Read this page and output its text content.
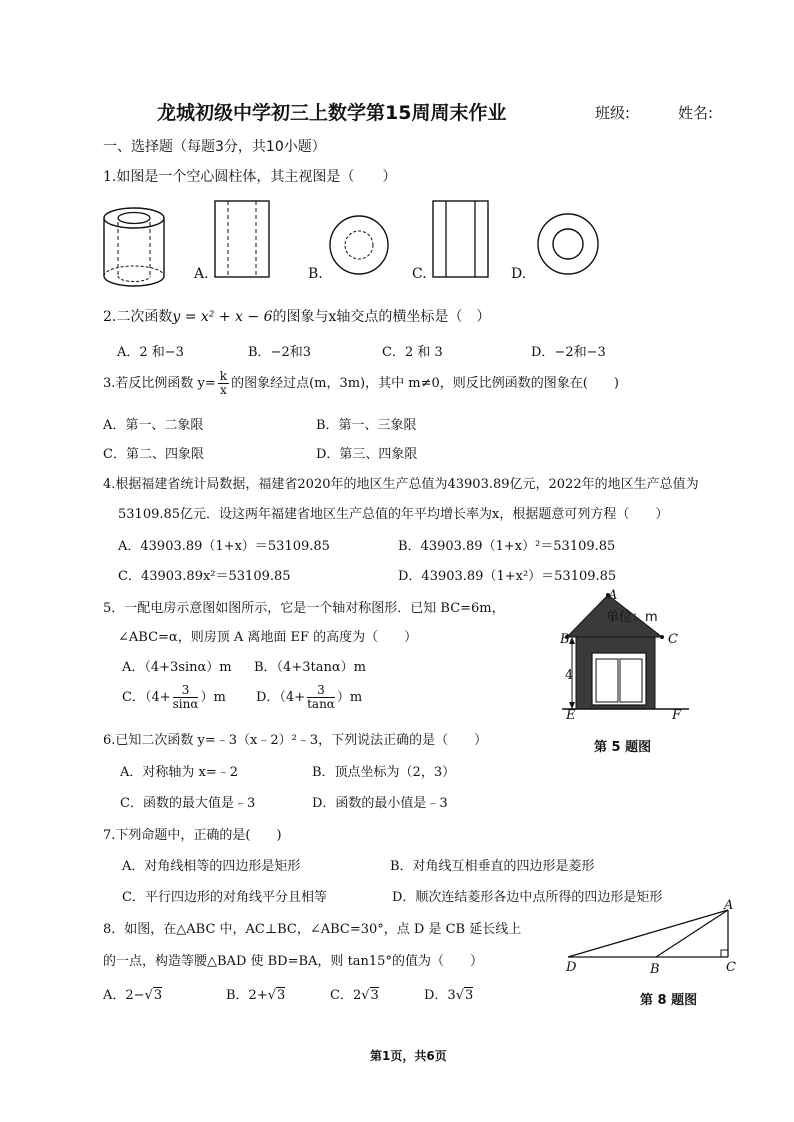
龙城初级中学初三上数学第15周周末作业	班级:	姓名:
一、选择题（每题3分，共10小题）
1.如图是一个空心圆柱体，其主视图是（　　）
A.	B.	C.	D.
2.二次函数y = x² + x − 6的图象与x轴交点的横坐标是（　）
A．2 和−3	B．−2和3	C．2 和 3	D．−2和−3
3.若反比例函数 $y= \frac{k}{x}$ 的图象经过点(m，3m)，其中 m≠0，则反比例函数的图象在(　　)
A．第一、二象限	B．第一、三象限
C．第二、四象限	D．第三、四象限
4.根据福建省统计局数据，福建省2020年的地区生产总值为43903.89亿元，2022年的地区生产总值为
53109.85亿元．设这两年福建省地区生产总值的年平均增长率为x，根据题意可列方程（　　）
A．43903.89（1+x）＝53109.85	B．43903.89（1+x）²＝53109.85
C．43903.89x²＝53109.85	D．43903.89（1+x²）＝53109.85
5．一配电房示意图如图所示，它是一个轴对称图形．已知 BC=6m，
∠ABC=α，则房顶 A 离地面 EF 的高度为（　　）
A．（4+3sinα）m B．（4+3tanα）m
C．$(4+ \frac{3}{\sin\alpha} )m$ D．$(4+ \frac{3}{\tan\alpha} )m$
单位：m
A
B	C
4
E	F
第 5 题图
6.已知二次函数 y=﹣3（x﹣2）²﹣3，下列说法正确的是（　　）
A．对称轴为 x=﹣2	B．顶点坐标为（2，3）
C．函数的最大值是﹣3	D．函数的最小值是﹣3
7.下列命题中，正确的是(　　)
A．对角线相等的四边形是矩形	B．对角线互相垂直的四边形是菱形
C．平行四边形的对角线平分且相等	D．顺次连结菱形各边中点所得的四边形是矩形
8．如图，在△ABC 中，AC⊥BC，∠ABC=30°，点 D 是 CB 延长线上
的一点，构造等腰△BAD 使 BD=BA，则 tan15°的值为（　　）
A．2−√3	B．2+√3	C．2√3	D．3√3
A
D	B	C
第 8 题图
第1页，共6页
